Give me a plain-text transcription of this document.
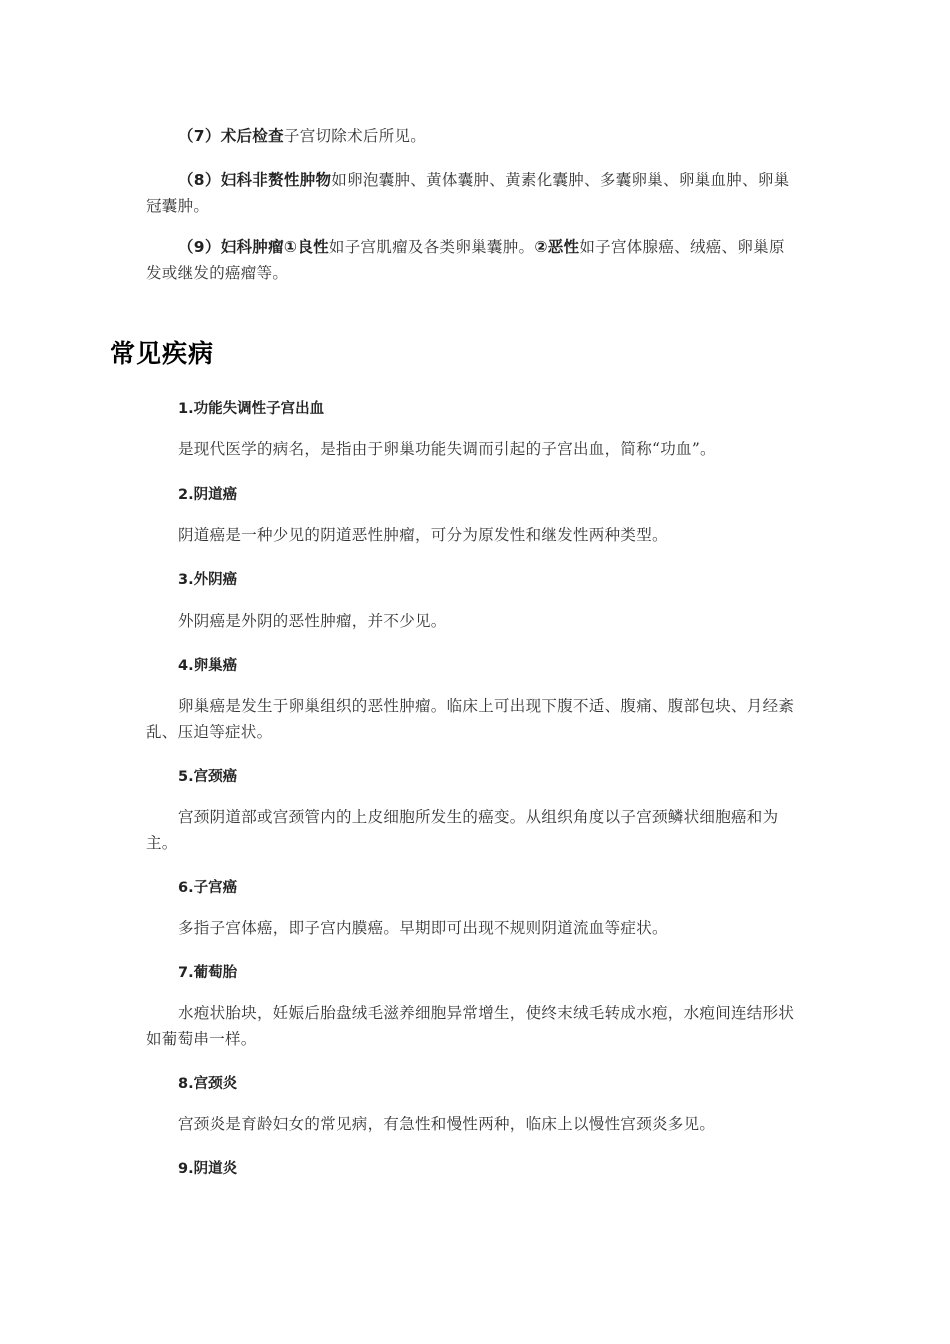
（7）术后检查子宫切除术后所见。

（8）妇科非赘性肿物如卵泡囊肿、黄体囊肿、黄素化囊肿、多囊卵巢、卵巢血肿、卵巢冠囊肿。

（9）妇科肿瘤①良性如子宫肌瘤及各类卵巢囊肿。②恶性如子宫体腺癌、绒癌、卵巢原发或继发的癌瘤等。

常见疾病
1.功能失调性子宫出血

是现代医学的病名，是指由于卵巢功能失调而引起的子宫出血，简称“功血”。

2.阴道癌

阴道癌是一种少见的阴道恶性肿瘤，可分为原发性和继发性两种类型。

3.外阴癌

外阴癌是外阴的恶性肿瘤，并不少见。

4.卵巢癌

卵巢癌是发生于卵巢组织的恶性肿瘤。临床上可出现下腹不适、腹痛、腹部包块、月经紊乱、压迫等症状。

5.宫颈癌

宫颈阴道部或宫颈管内的上皮细胞所发生的癌变。从组织角度以子宫颈鳞状细胞癌和为主。

6.子宫癌

多指子宫体癌，即子宫内膜癌。早期即可出现不规则阴道流血等症状。

7.葡萄胎

水疱状胎块，妊娠后胎盘绒毛滋养细胞异常增生，使终末绒毛转成水疱，水疱间连结形状如葡萄串一样。

8.宫颈炎

宫颈炎是育龄妇女的常见病，有急性和慢性两种，临床上以慢性宫颈炎多见。

9.阴道炎
